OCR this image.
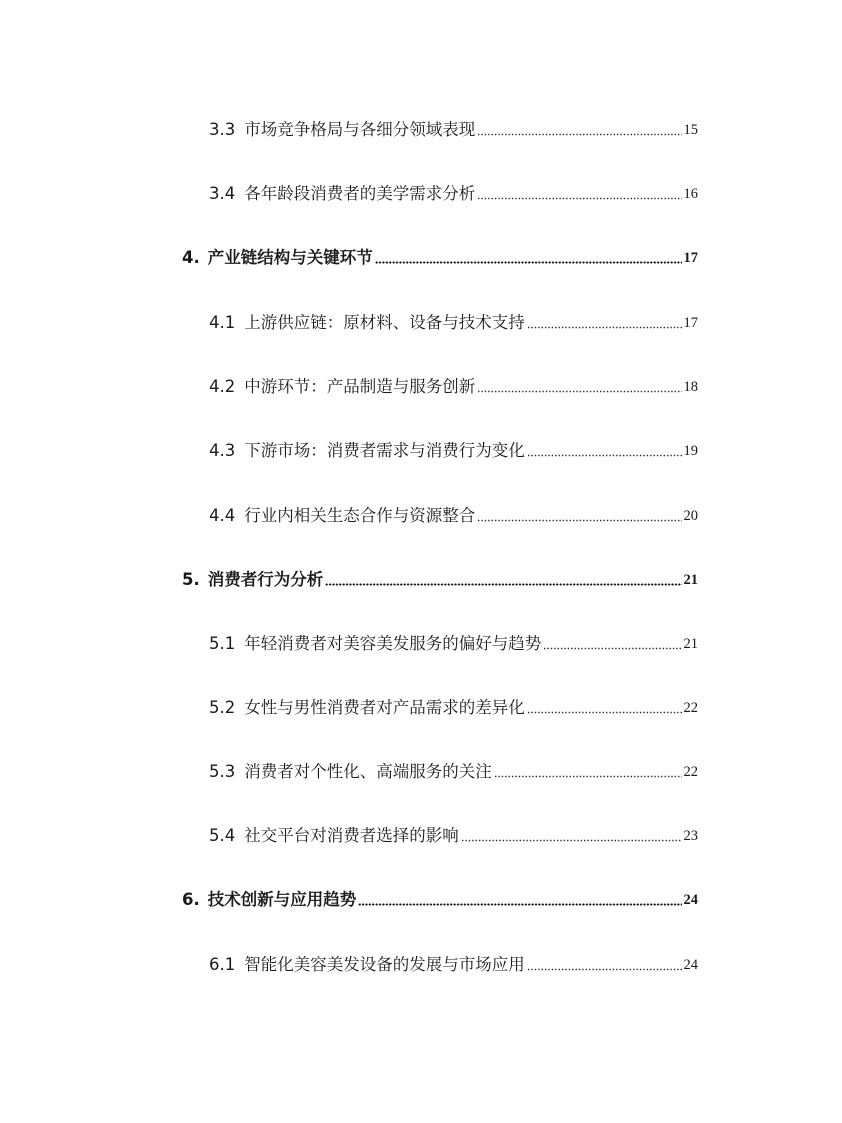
3.3 市场竞争格局与各细分领域表现	15
3.4 各年龄段消费者的美学需求分析	16
4. 产业链结构与关键环节	17
4.1 上游供应链：原材料、设备与技术支持	17
4.2 中游环节：产品制造与服务创新	18
4.3 下游市场：消费者需求与消费行为变化	19
4.4 行业内相关生态合作与资源整合	20
5. 消费者行为分析	21
5.1 年轻消费者对美容美发服务的偏好与趋势	21
5.2 女性与男性消费者对产品需求的差异化	22
5.3 消费者对个性化、高端服务的关注	22
5.4 社交平台对消费者选择的影响	23
6. 技术创新与应用趋势	24
6.1 智能化美容美发设备的发展与市场应用	24
